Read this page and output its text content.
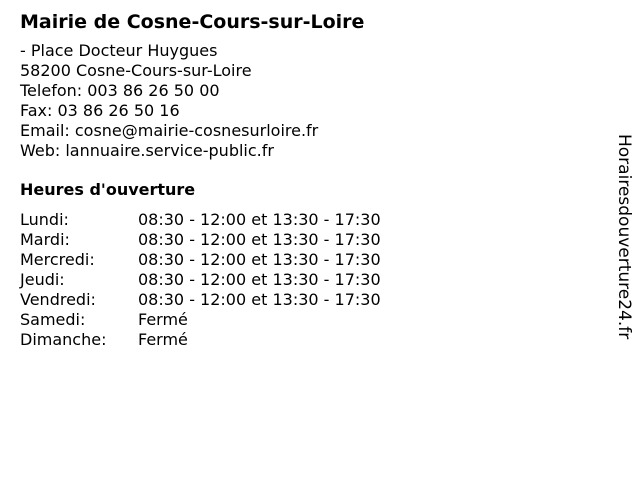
Mairie de Cosne-Cours-sur-Loire
- Place Docteur Huygues
58200 Cosne-Cours-sur-Loire
Telefon: 003 86 26 50 00
Fax: 03 86 26 50 16
Email: cosne@mairie-cosnesurloire.fr
Web: lannuaire.service-public.fr
Heures d'ouverture
Lundi:	08:30 - 12:00 et 13:30 - 17:30
Mardi:	08:30 - 12:00 et 13:30 - 17:30
Mercredi:	08:30 - 12:00 et 13:30 - 17:30
Jeudi:	08:30 - 12:00 et 13:30 - 17:30
Vendredi:	08:30 - 12:00 et 13:30 - 17:30
Samedi:	Fermé
Dimanche:	Fermé
Horairesdouverture24.fr
